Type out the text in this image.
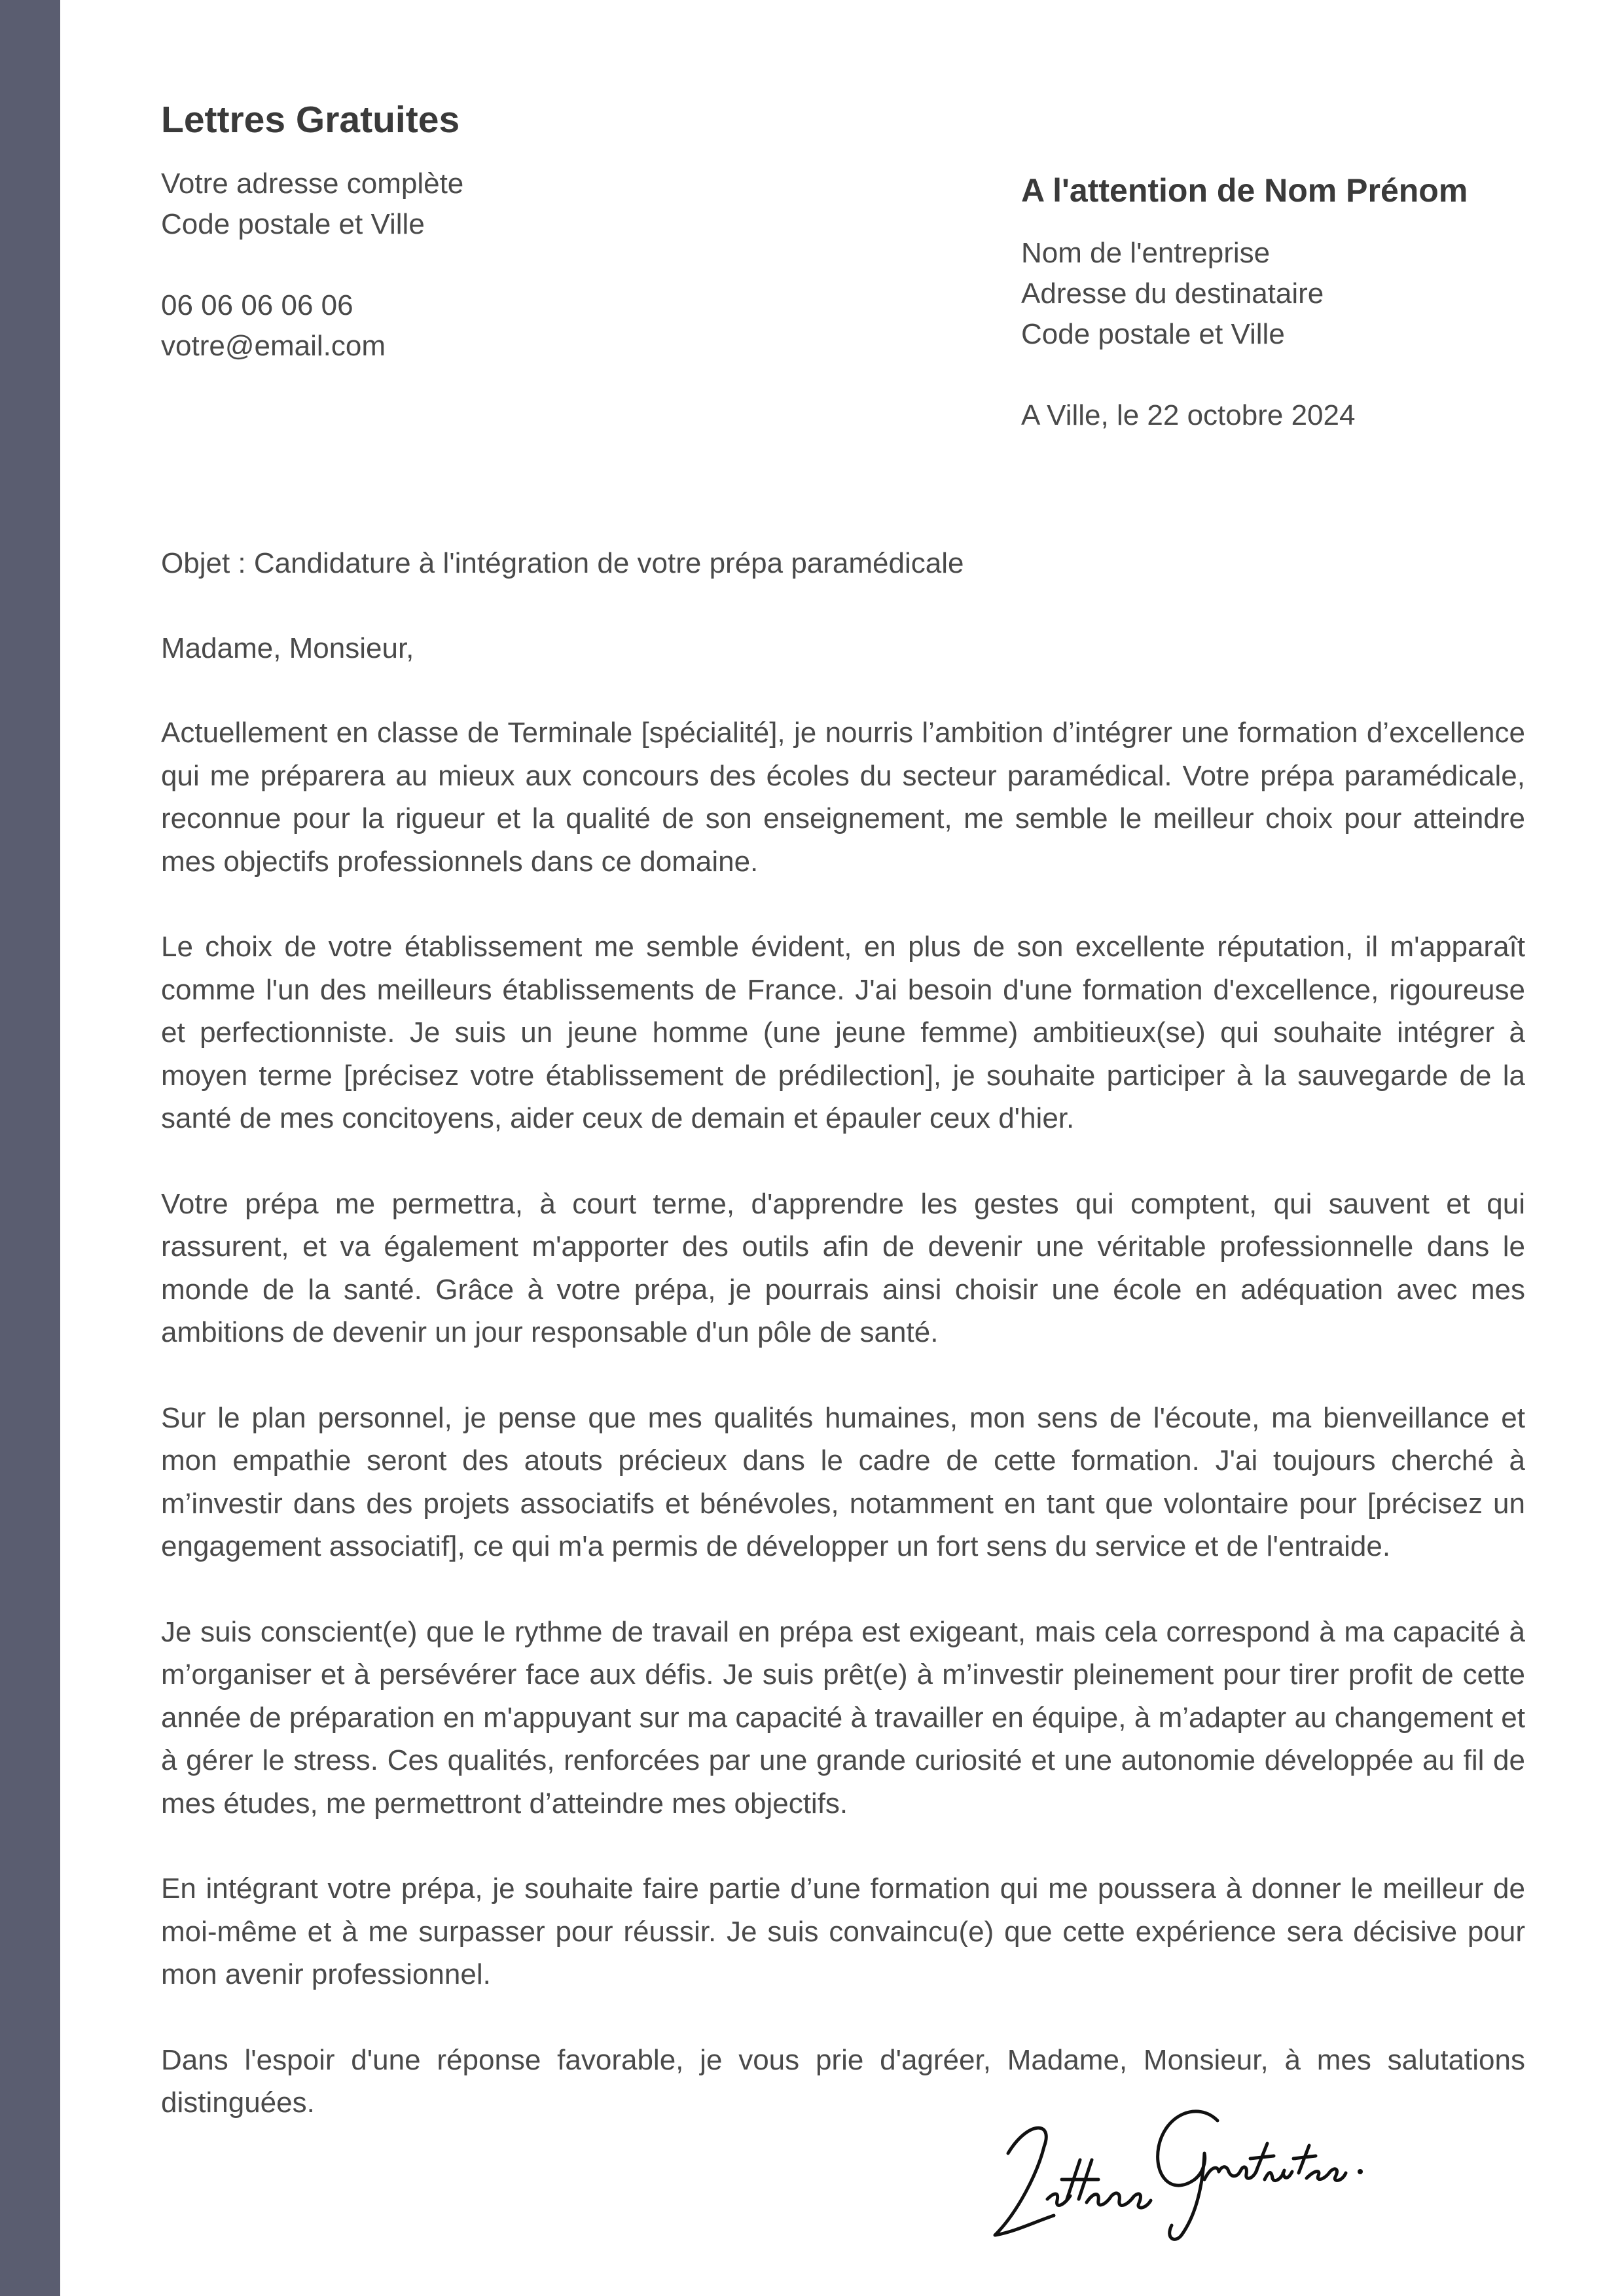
Lettres Gratuites
Votre adresse complète
Code postale et Ville
06 06 06 06 06
votre@email.com
A l'attention de Nom Prénom
Nom de l'entreprise
Adresse du destinataire
Code postale et Ville
A Ville, le 22 octobre 2024

Objet : Candidature à l'intégration de votre prépa paramédicale

Madame, Monsieur,

Actuellement en classe de Terminale [spécialité], je nourris l’ambition d’intégrer une formation d’excellence qui me préparera au mieux aux concours des écoles du secteur paramédical. Votre prépa paramédicale, reconnue pour la rigueur et la qualité de son enseignement, me semble le meilleur choix pour atteindre mes objectifs professionnels dans ce domaine.

Le choix de votre établissement me semble évident, en plus de son excellente réputation, il m'apparaît comme l'un des meilleurs établissements de France. J'ai besoin d'une formation d'excellence, rigoureuse et perfectionniste. Je suis un jeune homme (une jeune femme) ambitieux(se) qui souhaite intégrer à moyen terme [précisez votre établissement de prédilection], je souhaite participer à la sauvegarde de la santé de mes concitoyens, aider ceux de demain et épauler ceux d'hier.

Votre prépa me permettra, à court terme, d'apprendre les gestes qui comptent, qui sauvent et qui rassurent, et va également m'apporter des outils afin de devenir une véritable professionnelle dans le monde de la santé. Grâce à votre prépa, je pourrais ainsi choisir une école en adéquation avec mes ambitions de devenir un jour responsable d'un pôle de santé.

Sur le plan personnel, je pense que mes qualités humaines, mon sens de l'écoute, ma bienveillance et mon empathie seront des atouts précieux dans le cadre de cette formation. J'ai toujours cherché à m’investir dans des projets associatifs et bénévoles, notamment en tant que volontaire pour [précisez un engagement associatif], ce qui m'a permis de développer un fort sens du service et de l'entraide.

Je suis conscient(e) que le rythme de travail en prépa est exigeant, mais cela correspond à ma capacité à m’organiser et à persévérer face aux défis. Je suis prêt(e) à m’investir pleinement pour tirer profit de cette année de préparation en m'appuyant sur ma capacité à travailler en équipe, à m’adapter au changement et à gérer le stress. Ces qualités, renforcées par une grande curiosité et une autonomie développée au fil de mes études, me permettront d’atteindre mes objectifs.

En intégrant votre prépa, je souhaite faire partie d’une formation qui me poussera à donner le meilleur de moi-même et à me surpasser pour réussir. Je suis convaincu(e) que cette expérience sera décisive pour mon avenir professionnel.

Dans l'espoir d'une réponse favorable, je vous prie d'agréer, Madame, Monsieur, à mes salutations distinguées.
